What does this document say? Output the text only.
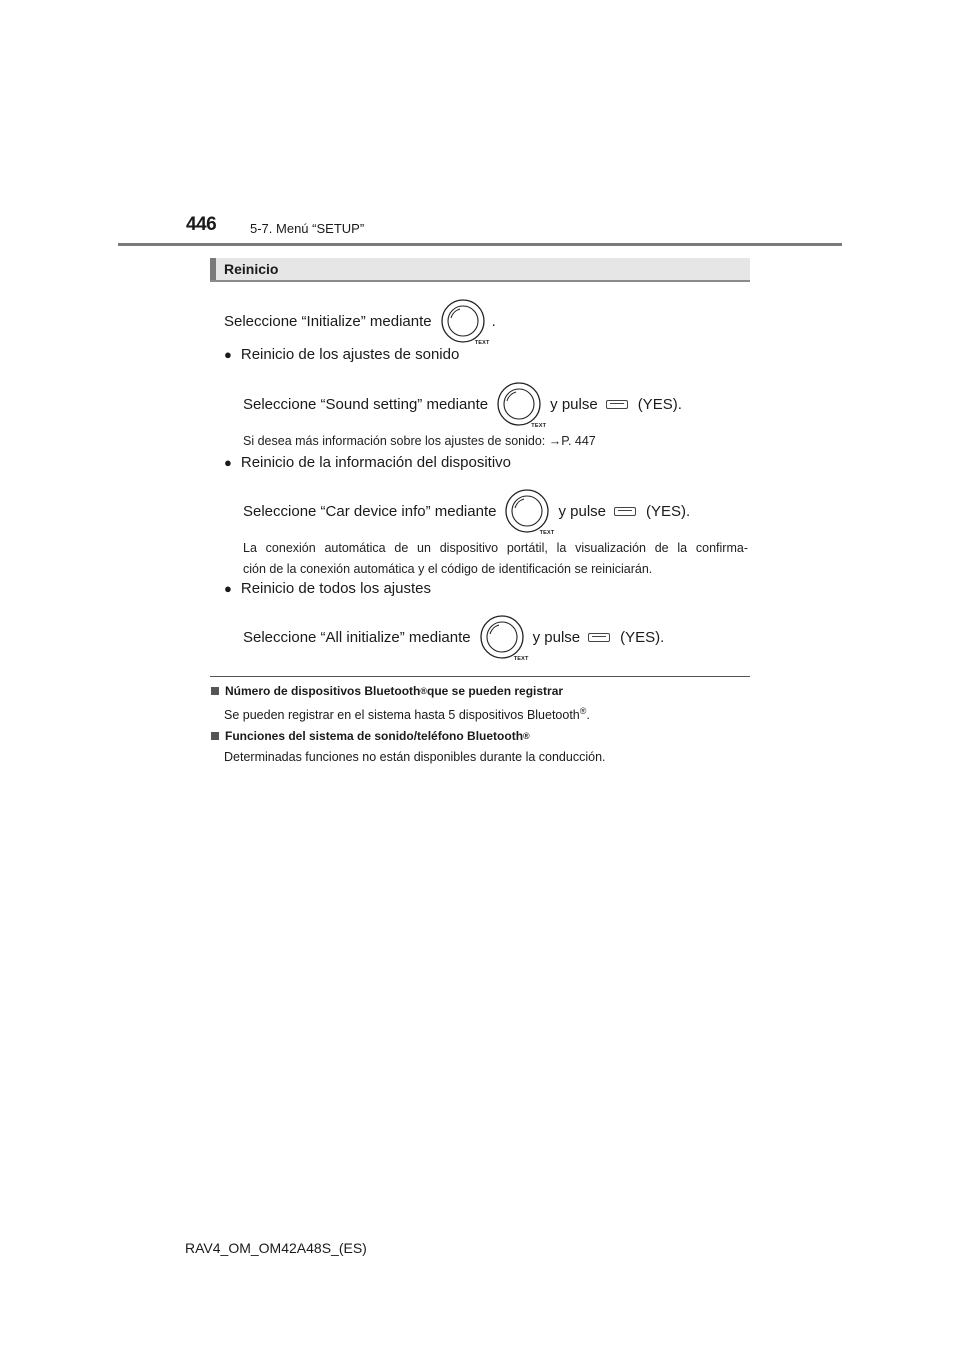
446	5-7. Menú “SETUP”
Reinicio
Seleccione “Initialize” mediante
TEXT
.
● Reinicio de los ajustes de sonido
Seleccione “Sound setting” mediante
TEXT
y pulse	(YES).
Si desea más información sobre los ajustes de sonido: →P. 447
● Reinicio de la información del dispositivo
Seleccione “Car device info” mediante
TEXT
y pulse	(YES).
La conexión automática de un dispositivo portátil, la visualización de la confirma-
ción de la conexión automática y el código de identificación se reiniciarán.
● Reinicio de todos los ajustes
Seleccione “All initialize” mediante
TEXT
y pulse	(YES).
Número de dispositivos Bluetooth ® que se pueden registrar
Se pueden registrar en el sistema hasta 5 dispositivos Bluetooth®.
Funciones del sistema de sonido/teléfono Bluetooth ®
Determinadas funciones no están disponibles durante la conducción.
RAV4_OM_OM42A48S_(ES)
